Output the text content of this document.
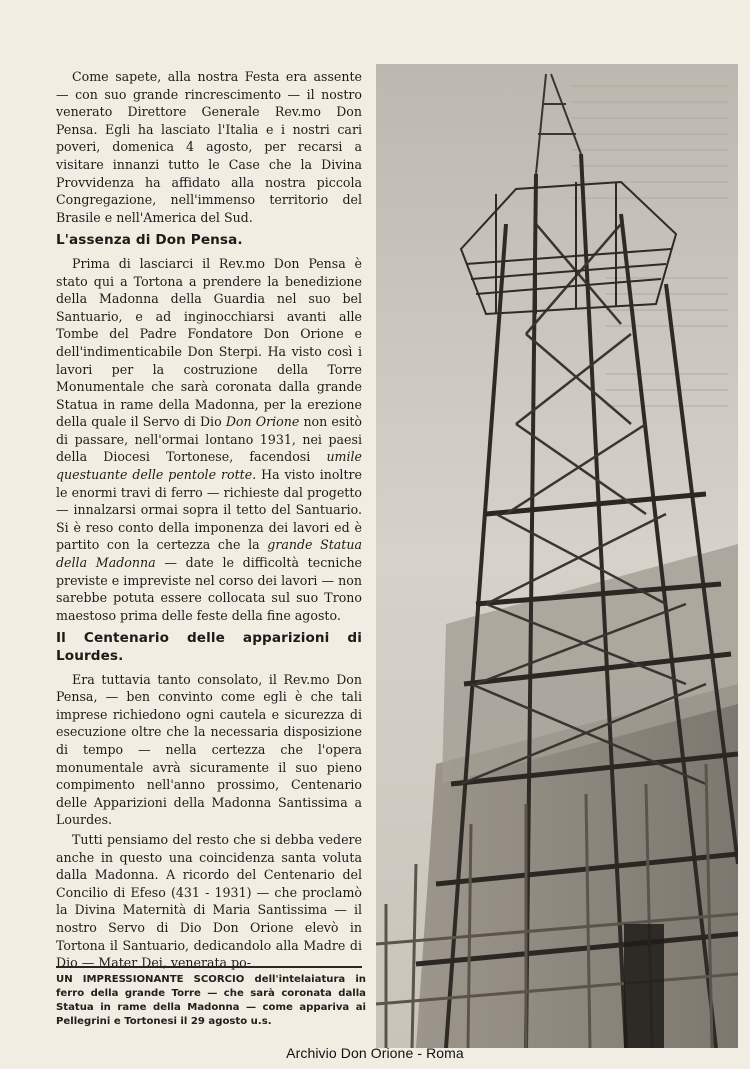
Come sapete, alla nostra Festa era assente — con suo grande rincrescimento — il nostro venerato Direttore Generale Rev.mo Don Pensa. Egli ha lasciato l'Italia e i nostri cari poveri, domenica 4 agosto, per recarsi a visitare innanzi tutto le Case che la Divina Provvidenza ha affidato alla nostra piccola Congregazione, nell'immenso territorio del Brasile e nell'America del Sud.

L'assenza di Don Pensa.

Prima di lasciarci il Rev.mo Don Pensa è stato qui a Tortona a prendere la benedizione della Madonna della Guardia nel suo bel Santuario, e ad inginocchiarsi avanti alle Tombe del Padre Fondatore Don Orione e dell'indimenticabile Don Sterpi. Ha visto così i lavori per la costruzione della Torre Monumentale che sarà coronata dalla grande Statua in rame della Madonna, per la erezione della quale il Servo di Dio Don Orione non esitò di passare, nell'ormai lontano 1931, nei paesi della Diocesi Tortonese, facendosi umile questuante delle pentole rotte. Ha visto inoltre le enormi travi di ferro — richieste dal progetto — innalzarsi ormai sopra il tetto del Santuario. Si è reso conto della imponenza dei lavori ed è partito con la certezza che la grande Statua della Madonna — date le difficoltà tecniche previste e impreviste nel corso dei lavori — non sarebbe potuta essere collocata sul suo Trono maestoso prima delle feste della fine agosto.

Il Centenario delle apparizioni di Lourdes.

Era tuttavia tanto consolato, il Rev.mo Don Pensa, — ben convinto come egli è che tali imprese richiedono ogni cautela e sicurezza di esecuzione oltre che la necessaria disposizione di tempo — nella certezza che l'opera monumentale avrà sicuramente il suo pieno compimento nell'anno prossimo, Centenario delle Apparizioni della Madonna Santissima a Lourdes.

Tutti pensiamo del resto che si debba vedere anche in questo una coincidenza santa voluta dalla Madonna. A ricordo del Centenario del Concilio di Efeso (431 - 1931) — che proclamò la Divina Maternità di Maria Santissima — il nostro Servo di Dio Don Orione elevò in Tortona il Santuario, dedicandolo alla Madre di Dio — Mater Dei, venerata po-

UN IMPRESSIONANTE SCORCIO dell'intelaiatura in ferro della grande Torre — che sarà coronata dalla Statua in rame della Madonna — come appariva ai Pellegrini e Tortonesi il 29 agosto u.s.
Archivio Don Orione - Roma
